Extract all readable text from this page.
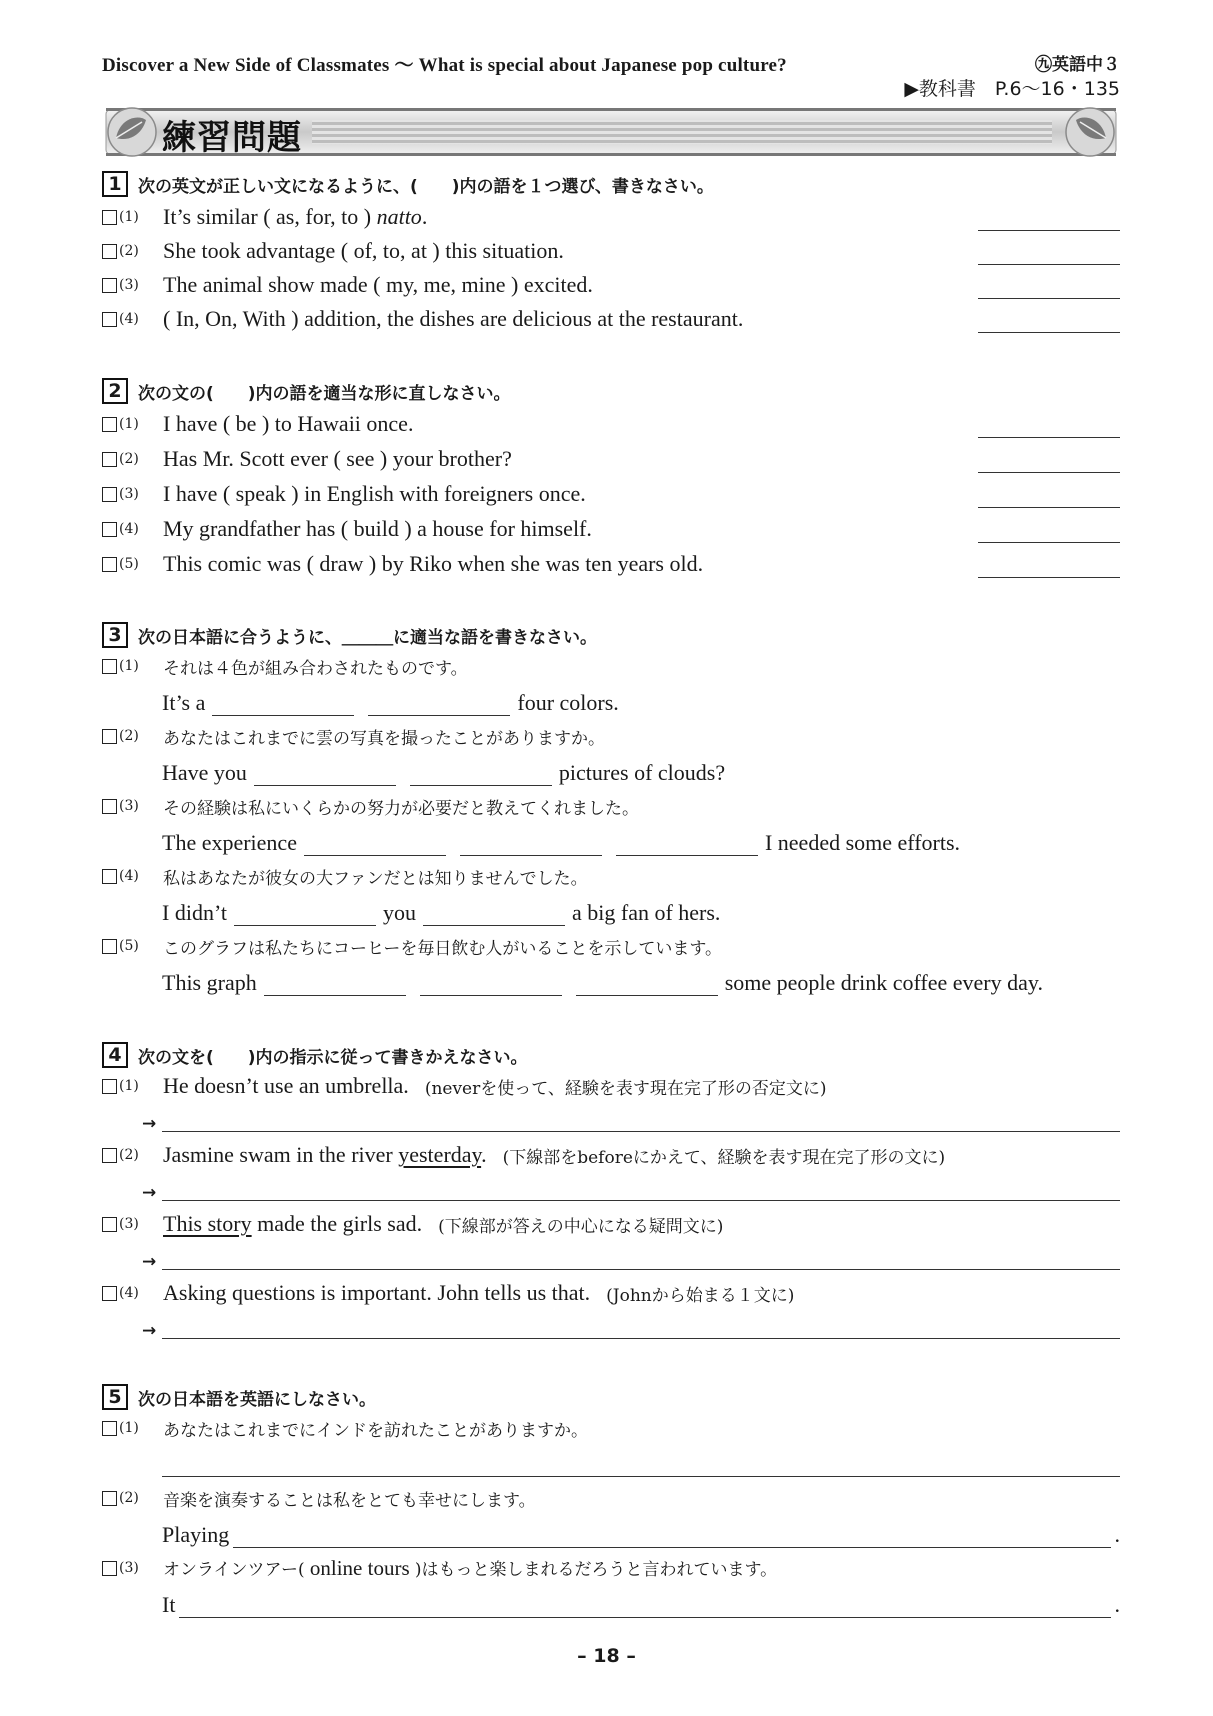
Discover a New Side of Classmates 〜 What is special about Japanese pop culture?	㊈英語中３
▶教科書　P.6〜16・135
練習問題
1 次の英文が正しい文になるように、(　　)内の語を１つ選び、書きなさい。
(1)	It’s similar ( as, for, to ) natto.
(2)	She took advantage ( of, to, at ) this situation.
(3)	The animal show made ( my, me, mine ) excited.
(4)	( In, On, With ) addition, the dishes are delicious at the restaurant.
2 次の文の(　　)内の語を適当な形に直しなさい。
(1)	I have ( be ) to Hawaii once.
(2)	Has Mr. Scott ever ( see ) your brother?
(3)	I have ( speak ) in English with foreigners once.
(4)	My grandfather has ( build ) a house for himself.
(5)	This comic was ( draw ) by Riko when she was ten years old.
3 次の日本語に合うように、＿＿＿に適当な語を書きなさい。
(1)	それは４色が組み合わされたものです。
It’s a	four colors.
(2)	あなたはこれまでに雲の写真を撮ったことがありますか。
Have you	pictures of clouds?
(3)	その経験は私にいくらかの努力が必要だと教えてくれました。
The experience	I needed some efforts.
(4)	私はあなたが彼女の大ファンだとは知りませんでした。
I didn’t	you	a big fan of hers.
(5)	このグラフは私たちにコーヒーを毎日飲む人がいることを示しています。
This graph	some people drink coffee every day.
4 次の文を(　　)内の指示に従って書きかえなさい。
(1)	He doesn’t use an umbrella. (neverを使って、経験を表す現在完了形の否定文に)
→
(2)	Jasmine swam in the river yesterday. (下線部をbeforeにかえて、経験を表す現在完了形の文に)
→
(3)	This story made the girls sad. (下線部が答えの中心になる疑問文に)
→
(4)	Asking questions is important. John tells us that. (Johnから始まる１文に)
→
5 次の日本語を英語にしなさい。
(1)	あなたはこれまでにインドを訪れたことがありますか。
(2)	音楽を演奏することは私をとても幸せにします。
Playing	.
(3)	オンラインツアー( online tours )はもっと楽しまれるだろうと言われています。
It	.
– 18 –
